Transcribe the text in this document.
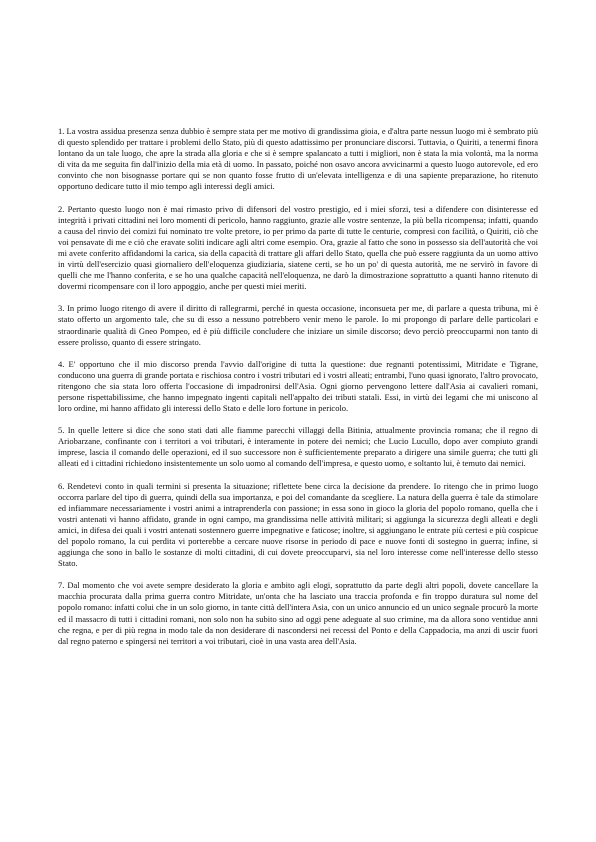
1. La vostra assidua presenza senza dubbio è sempre stata per me motivo di grandissima gioia, e d'altra parte nessun luogo mi è sembrato più di questo splendido per trattare i problemi dello Stato, più di questo adattissimo per pronunciare discorsi. Tuttavia, o Quiriti, a tenermi finora lontano da un tale luogo, che apre la strada alla gloria e che si è sempre spalancato a tutti i migliori, non è stata la mia volontà, ma la norma di vita da me seguita fin dall'inizio della mia età di uomo. In passato, poiché non osavo ancora avvicinarmi a questo luogo autorevole, ed ero convinto che non bisognasse portare qui se non quanto fosse frutto di un'elevata intelligenza e di una sapiente preparazione, ho ritenuto opportuno dedicare tutto il mio tempo agli interessi degli amici.

2. Pertanto questo luogo non è mai rimasto privo di difensori del vostro prestigio, ed i miei sforzi, tesi a difendere con disinteresse ed integrità i privati cittadini nei loro momenti di pericolo, hanno raggiunto, grazie alle vostre sentenze, la più bella ricompensa; infatti, quando a causa del rinvio dei comizi fui nominato tre volte pretore, io per primo da parte di tutte le centurie, compresi con facilità, o Quiriti, ciò che voi pensavate di me e ciò che eravate soliti indicare agli altri come esempio. Ora, grazie al fatto che sono in possesso sia dell'autorità che voi mi avete conferito affidandomi la carica, sia della capacità di trattare gli affari dello Stato, quella che può essere raggiunta da un uomo attivo in virtù dell'esercizio quasi giornaliero dell'eloquenza giudiziaria, siatene certi, se ho un po' di questa autorità, me ne servirò in favore di quelli che me l'hanno conferita, e se ho una qualche capacità nell'eloquenza, ne darò la dimostrazione soprattutto a quanti hanno ritenuto di dovermi ricompensare con il loro appoggio, anche per questi miei meriti.

3. In primo luogo ritengo di avere il diritto di rallegrarmi, perché in questa occasione, inconsueta per me, di parlare a questa tribuna, mi è stato offerto un argomento tale, che su di esso a nessuno potrebbero venir meno le parole. Io mi propongo di parlare delle particolari e straordinarie qualità di Gneo Pompeo, ed è più difficile concludere che iniziare un simile discorso; devo perciò preoccuparmi non tanto di essere prolisso, quanto di essere stringato.

4. E' opportuno che il mio discorso prenda l'avvio dall'origine di tutta la questione: due regnanti potentissimi, Mitridate e Tigrane, conducono una guerra di grande portata e rischiosa contro i vostri tributari ed i vostri alleati; entrambi, l'uno quasi ignorato, l'altro provocato, ritengono che sia stata loro offerta l'occasione di impadronirsi dell'Asia. Ogni giorno pervengono lettere dall'Asia ai cavalieri romani, persone rispettabilissime, che hanno impegnato ingenti capitali nell'appalto dei tributi statali. Essi, in virtù dei legami che mi uniscono al loro ordine, mi hanno affidato gli interessi dello Stato e delle loro fortune in pericolo.

5. In quelle lettere si dice che sono stati dati alle fiamme parecchi villaggi della Bitinia, attualmente provincia romana; che il regno di Ariobarzane, confinante con i territori a voi tributari, è interamente in potere dei nemici; che Lucio Lucullo, dopo aver compiuto grandi imprese, lascia il comando delle operazioni, ed il suo successore non è sufficientemente preparato a dirigere una simile guerra; che tutti gli alleati ed i cittadini richiedono insistentemente un solo uomo al comando dell'impresa, e questo uomo, e soltanto lui, è temuto dai nemici.

6. Rendetevi conto in quali termini si presenta la situazione; riflettete bene circa la decisione da prendere. Io ritengo che in primo luogo occorra parlare del tipo di guerra, quindi della sua importanza, e poi del comandante da scegliere. La natura della guerra è tale da stimolare ed infiammare necessariamente i vostri animi a intraprenderla con passione; in essa sono in gioco la gloria del popolo romano, quella che i vostri antenati vi hanno affidato, grande in ogni campo, ma grandissima nelle attività militari; si aggiunga la sicurezza degli alleati e degli amici, in difesa dei quali i vostri antenati sostennero guerre impegnative e faticose; inoltre, si aggiungano le entrate più certesi e più cospicue del popolo romano, la cui perdita vi porterebbe a cercare nuove risorse in periodo di pace e nuove fonti di sostegno in guerra; infine, si aggiunga che sono in ballo le sostanze di molti cittadini, di cui dovete preoccuparvi, sia nel loro interesse come nell'interesse dello stesso Stato.

7. Dal momento che voi avete sempre desiderato la gloria e ambito agli elogi, soprattutto da parte degli altri popoli, dovete cancellare la macchia procurata dalla prima guerra contro Mitridate, un'onta che ha lasciato una traccia profonda e fin troppo duratura sul nome del popolo romano: infatti colui che in un solo giorno, in tante città dell'intera Asia, con un unico annuncio ed un unico segnale procurò la morte ed il massacro di tutti i cittadini romani, non solo non ha subito sino ad oggi pene adeguate al suo crimine, ma da allora sono ventidue anni che regna, e per di più regna in modo tale da non desiderare di nascondersi nei recessi del Ponto e della Cappadocia, ma anzi di uscir fuori dal regno paterno e spingersi nei territori a voi tributari, cioè in una vasta area dell'Asia.
